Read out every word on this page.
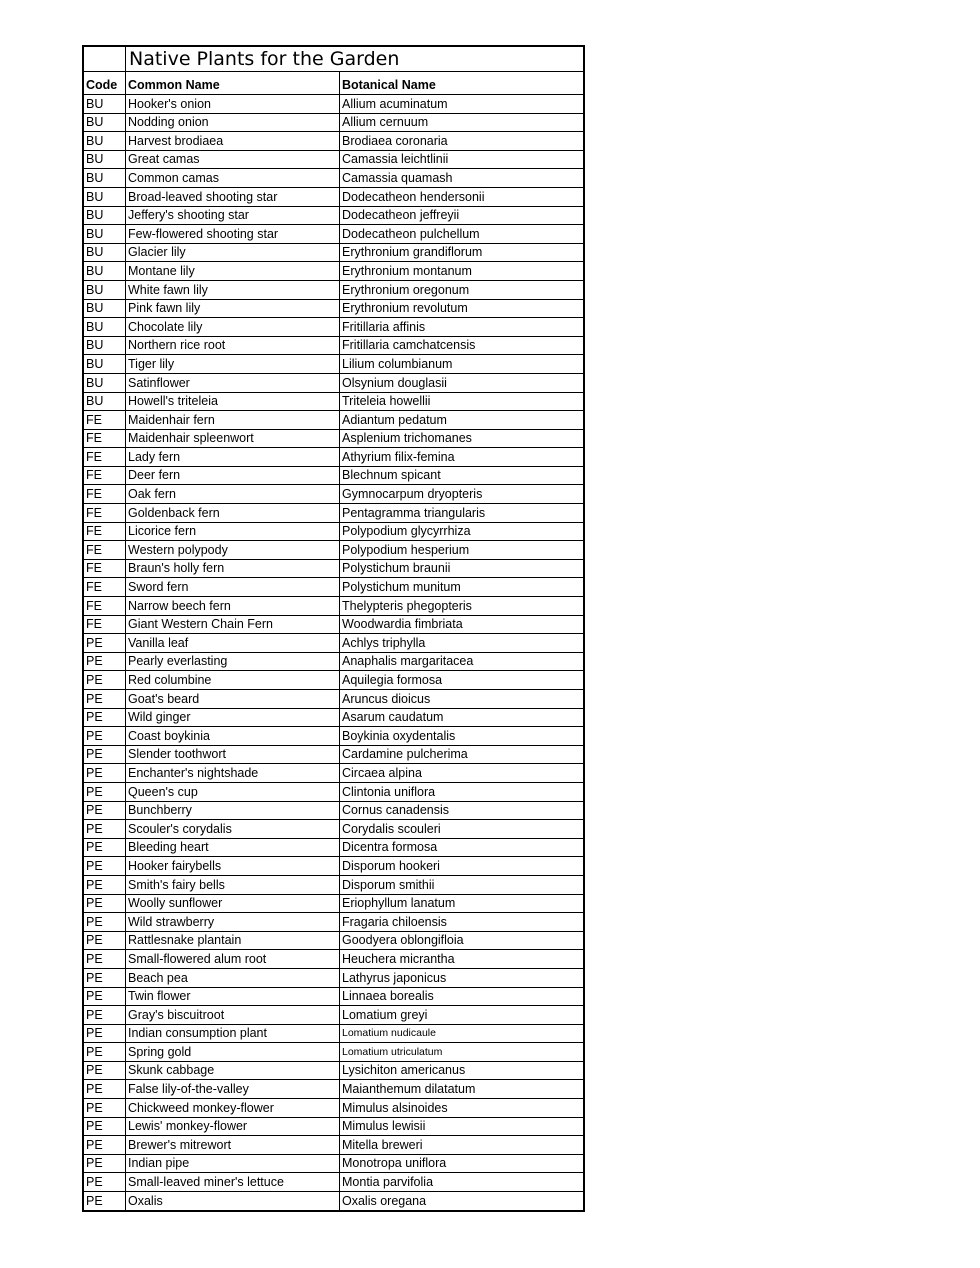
	Native Plants for the Garden	
Code	Common Name	Botanical Name
BU	Hooker's onion	Allium acuminatum
BU	Nodding onion	Allium cernuum
BU	Harvest brodiaea	Brodiaea coronaria
BU	Great camas	Camassia leichtlinii
BU	Common camas	Camassia quamash
BU	Broad-leaved shooting star	Dodecatheon hendersonii
BU	Jeffery's shooting star	Dodecatheon jeffreyii
BU	Few-flowered shooting star	Dodecatheon pulchellum
BU	Glacier lily	Erythronium grandiflorum
BU	Montane lily	Erythronium montanum
BU	White fawn lily	Erythronium oregonum
BU	Pink fawn lily	Erythronium revolutum
BU	Chocolate lily	Fritillaria affinis
BU	Northern rice root	Fritillaria camchatcensis
BU	Tiger lily	Lilium columbianum
BU	Satinflower	Olsynium douglasii
BU	Howell's triteleia	Triteleia howellii
FE	Maidenhair fern	Adiantum pedatum
FE	Maidenhair spleenwort	Asplenium trichomanes
FE	Lady fern	Athyrium filix-femina
FE	Deer fern	Blechnum spicant
FE	Oak fern	Gymnocarpum dryopteris
FE	Goldenback fern	Pentagramma triangularis
FE	Licorice fern	Polypodium glycyrrhiza
FE	Western polypody	Polypodium hesperium
FE	Braun's holly fern	Polystichum braunii
FE	Sword fern	Polystichum munitum
FE	Narrow beech fern	Thelypteris phegopteris
FE	Giant Western Chain Fern	Woodwardia fimbriata
PE	Vanilla leaf	Achlys triphylla
PE	Pearly everlasting	Anaphalis margaritacea
PE	Red columbine	Aquilegia formosa
PE	Goat's beard	Aruncus dioicus
PE	Wild ginger	Asarum caudatum
PE	Coast boykinia	Boykinia oxydentalis
PE	Slender toothwort	Cardamine pulcherima
PE	Enchanter's nightshade	Circaea alpina
PE	Queen's cup	Clintonia uniflora
PE	Bunchberry	Cornus canadensis
PE	Scouler's corydalis	Corydalis scouleri
PE	Bleeding heart	Dicentra formosa
PE	Hooker fairybells	Disporum hookeri
PE	Smith's fairy bells	Disporum smithii
PE	Woolly sunflower	Eriophyllum lanatum
PE	Wild strawberry	Fragaria chiloensis
PE	Rattlesnake plantain	Goodyera oblongifloia
PE	Small-flowered alum root	Heuchera micrantha
PE	Beach pea	Lathyrus japonicus
PE	Twin flower	Linnaea borealis
PE	Gray's biscuitroot	Lomatium greyi
PE	Indian consumption plant	Lomatium nudicaule
PE	Spring gold	Lomatium utriculatum
PE	Skunk cabbage	Lysichiton americanus
PE	False lily-of-the-valley	Maianthemum dilatatum
PE	Chickweed monkey-flower	Mimulus alsinoides
PE	Lewis' monkey-flower	Mimulus lewisii
PE	Brewer's mitrewort	Mitella breweri
PE	Indian pipe	Monotropa uniflora
PE	Small-leaved miner's lettuce	Montia parvifolia
PE	Oxalis	Oxalis oregana
